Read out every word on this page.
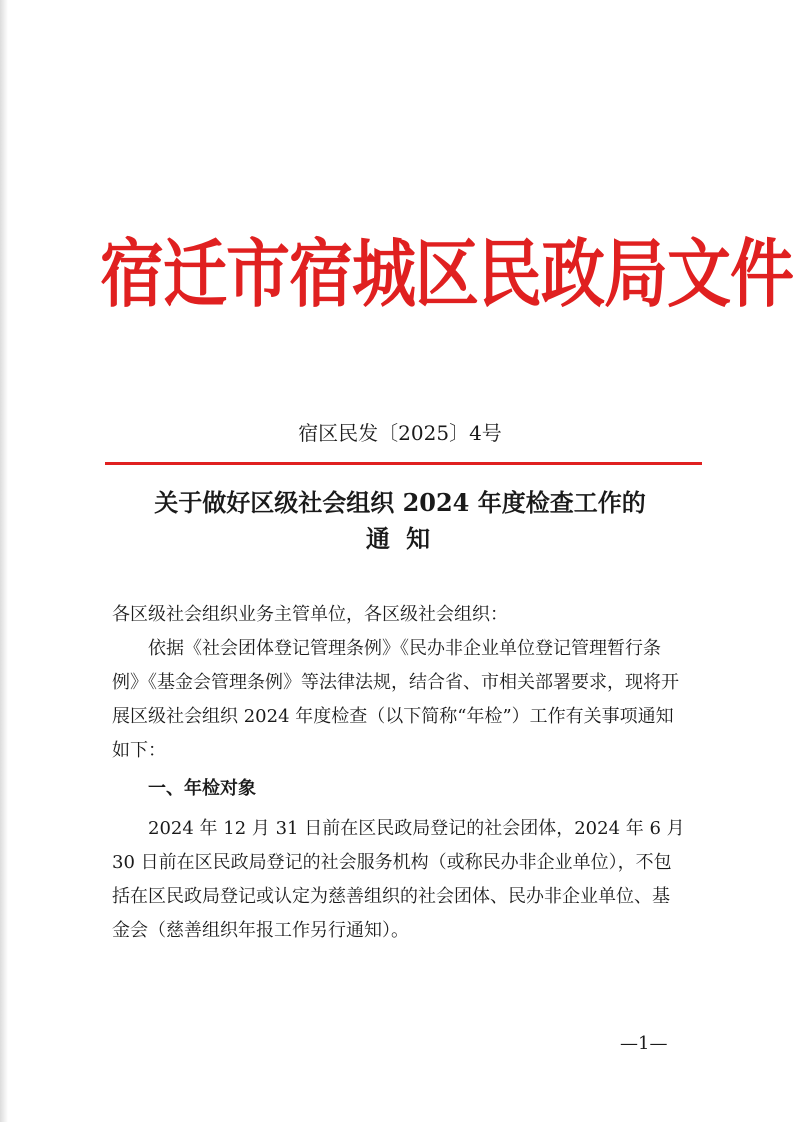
宿迁市宿城区民政局文件
宿区民发〔2025〕4号
关于做好区级社会组织 2024 年度检查工作的
通 知
各区级社会组织业务主管单位，各区级社会组织：

依据《社会团体登记管理条例》《民办非企业单位登记管理暂行条例》《基金会管理条例》等法律法规，结合省、市相关部署要求，现将开展区级社会组织 2024 年度检查（以下简称“年检”）工作有关事项通知如下：

一、年检对象

2024 年 12 月 31 日前在区民政局登记的社会团体，2024 年 6 月 30 日前在区民政局登记的社会服务机构（或称民办非企业单位），不包括在区民政局登记或认定为慈善组织的社会团体、民办非企业单位、基金会（慈善组织年报工作另行通知）。

—1—
